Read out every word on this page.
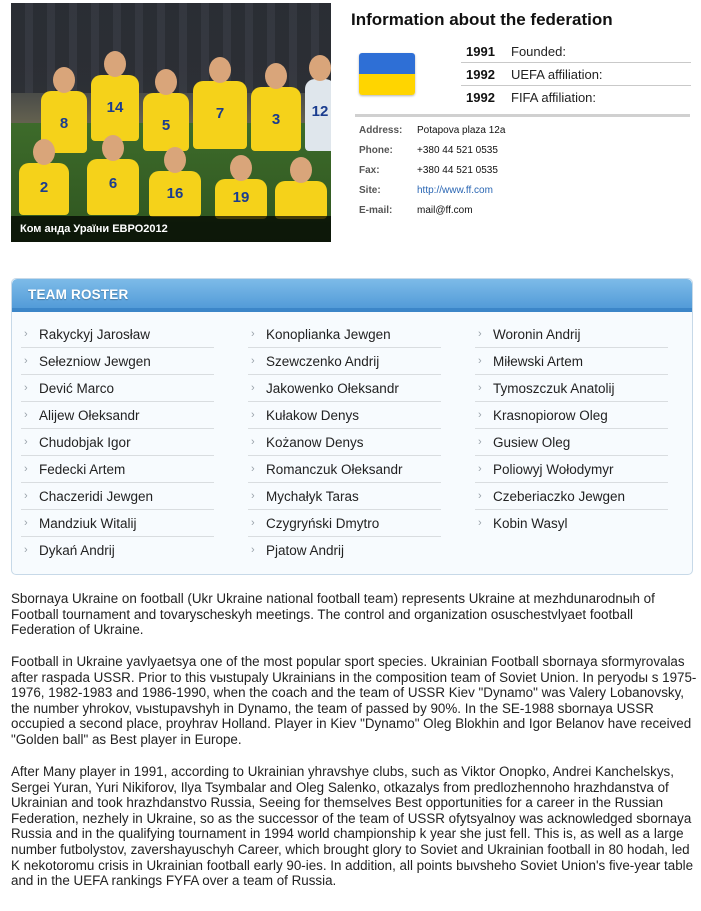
8
14
5
7	3	12
2	6
16	19
Ком анда Ураїни ЕВРО2012
Information about the federation
1991 Founded:
1992 UEFA affiliation:
1992 FIFA affiliation:
Address: Potapova plaza 12a
Phone: +380 44 521 0535
Fax:	+380 44 521 0535
Site:	http://www.ff.com
E-mail: mail@ff.com
TEAM ROSTER
› Rakyckyj Jarosław
› Sełezniow Jewgen
› Dević Marco
› Alijew Ołeksandr
› Chudobjak Igor
› Fedecki Artem
› Chaczeridi Jewgen
› Mandziuk Witalij
› Dykań Andrij
› Konoplianka Jewgen
› Szewczenko Andrij
› Jakowenko Ołeksandr
› Kułakow Denys
› Kożanow Denys
› Romanczuk Ołeksandr
› Mychałyk Taras
› Czygryński Dmytro
› Pjatow Andrij
› Woronin Andrij
› Miłewski Artem
› Tymoszczuk Anatolij
› Krasnopiorow Oleg
› Gusiew Oleg
› Poliowyj Wołodymyr
› Czeberiaczko Jewgen
› Kobin Wasyl

Sbornaya Ukraine on football (Ukr Ukraine national football team) represents Ukraine at mezhdunarodnыh of Football tournament and tovaryscheskyh meetings. The control and organization osuschestvlyaet football Federation of Ukraine.

Football in Ukraine yavlyaetsya one of the most popular sport species. Ukrainian Football sbornaya sformyrovalas after raspada USSR. Prior to this vыstupaly Ukrainians in the composition team of Soviet Union. In peryodы s 1975-1976, 1982-1983 and 1986-1990, when the coach and the team of USSR Kiev "Dynamo" was Valery Lobanovsky, the number yhrokov, vыstupavshyh in Dynamo, the team of passed by 90%. In the SE-1988 sbornaya USSR occupied a second place, proyhrav Holland. Player in Kiev "Dynamo" Oleg Blokhin and Igor Belanov have received "Golden ball" as Best player in Europe.

After Many player in 1991, according to Ukrainian yhravshye clubs, such as Viktor Onopko, Andrei Kanchelskys, Sergei Yuran, Yuri Nikiforov, Ilya Tsymbalar and Oleg Salenko, otkazalys from predlozhennoho hrazhdanstva of Ukrainian and took hrazhdanstvo Russia, Seeing for themselves Best opportunities for a career in the Russian Federation, nezhely in Ukraine, so as the successor of the team of USSR ofytsyalnoy was acknowledged sbornaya Russia and in the qualifying tournament in 1994 world championship k year she just fell. This is, as well as a large number futbolystov, zavershayuschyh Career, which brought glory to Soviet and Ukrainian football in 80 hodah, led K nekotoromu crisis in Ukrainian football early 90-ies. In addition, all points bыvsheho Soviet Union's five-year table and in the UEFA rankings FYFA over a team of Russia.
